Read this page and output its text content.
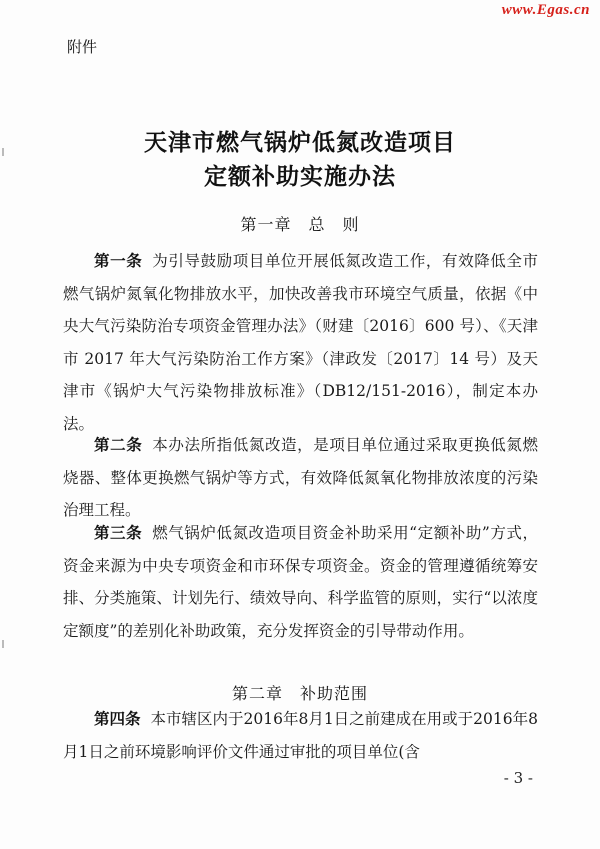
www.Egas.cn
附件
天津市燃气锅炉低氮改造项目
定额补助实施办法
第一章　总　则
第一条 为引导鼓励项目单位开展低氮改造工作，有效降低全市燃气锅炉氮氧化物排放水平，加快改善我市环境空气质量，依据《中央大气污染防治专项资金管理办法》（财建〔2016〕600 号）、《天津市 2017 年大气污染防治工作方案》（津政发〔2017〕14 号）及天津市《锅炉大气污染物排放标准》（DB12/151-2016），制定本办法。
第二条 本办法所指低氮改造，是项目单位通过采取更换低氮燃烧器、整体更换燃气锅炉等方式，有效降低氮氧化物排放浓度的污染治理工程。
第三条 燃气锅炉低氮改造项目资金补助采用“定额补助”方式，资金来源为中央专项资金和市环保专项资金。资金的管理遵循统筹安排、分类施策、计划先行、绩效导向、科学监管的原则，实行“以浓度定额度”的差别化补助政策，充分发挥资金的引导带动作用。
第二章　补助范围
第四条 本市辖区内于2016年8月1日之前建成在用或于2016年8月1日之前环境影响评价文件通过审批的项目单位(含
- 3 -
